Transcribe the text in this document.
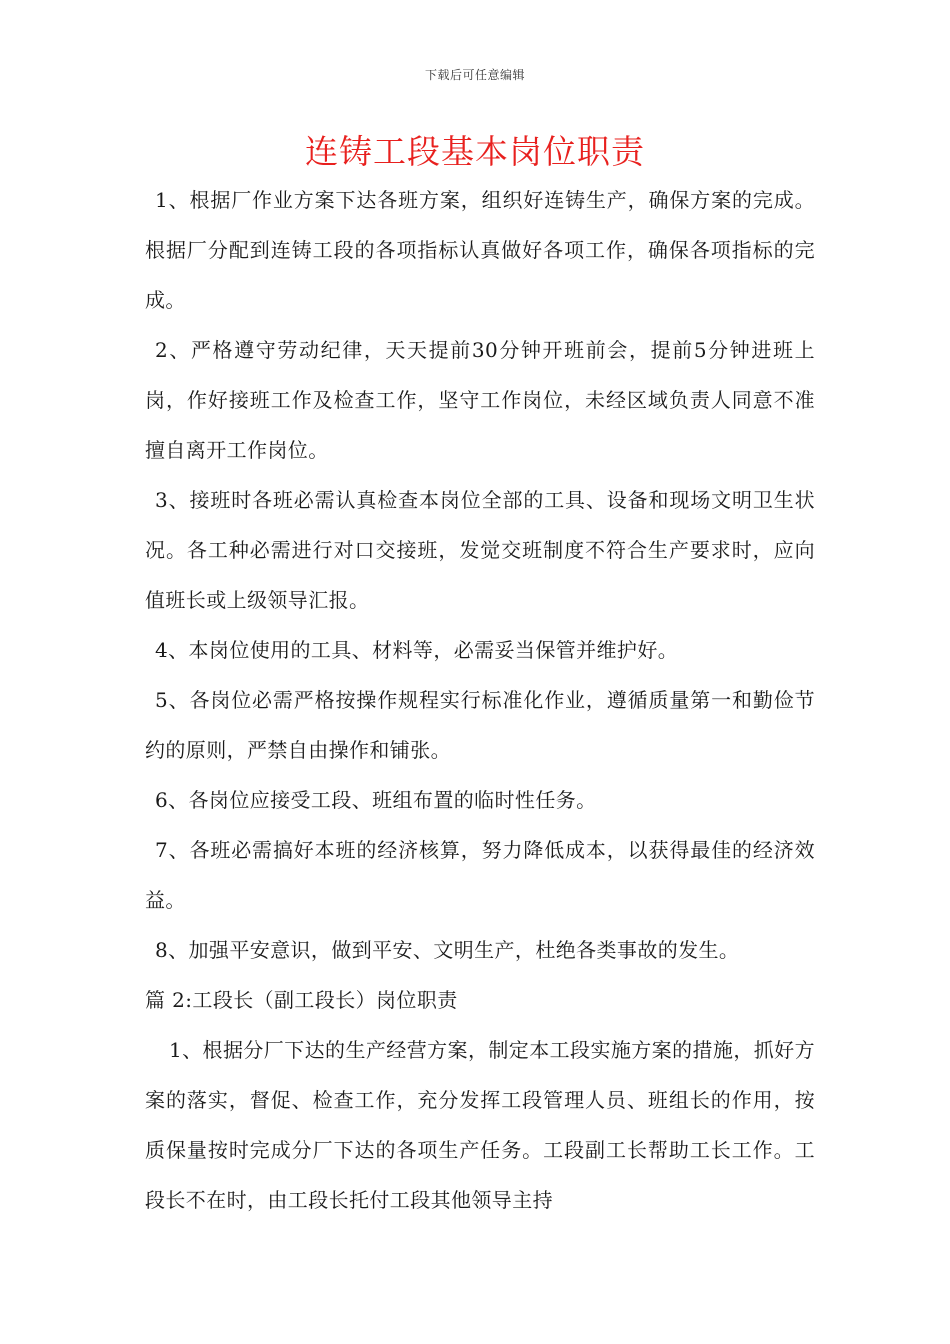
下载后可任意编辑
连铸工段基本岗位职责

1、根据厂作业方案下达各班方案，组织好连铸生产，确保方案的完成。根据厂分配到连铸工段的各项指标认真做好各项工作，确保各项指标的完成。

2、严格遵守劳动纪律，天天提前30分钟开班前会，提前5分钟进班上岗，作好接班工作及检查工作，坚守工作岗位，未经区域负责人同意不准擅自离开工作岗位。

3、接班时各班必需认真检查本岗位全部的工具、设备和现场文明卫生状况。各工种必需进行对口交接班，发觉交班制度不符合生产要求时，应向值班长或上级领导汇报。

4、本岗位使用的工具、材料等，必需妥当保管并维护好。

5、各岗位必需严格按操作规程实行标准化作业，遵循质量第一和勤俭节约的原则，严禁自由操作和铺张。

6、各岗位应接受工段、班组布置的临时性任务。

7、各班必需搞好本班的经济核算，努力降低成本，以获得最佳的经济效益。

8、加强平安意识，做到平安、文明生产，杜绝各类事故的发生。

篇 2:工段长（副工段长）岗位职责

1、根据分厂下达的生产经营方案，制定本工段实施方案的措施，抓好方案的落实，督促、检查工作，充分发挥工段管理人员、班组长的作用，按质保量按时完成分厂下达的各项生产任务。工段副工长帮助工长工作。工段长不在时，由工段长托付工段其他领导主持
